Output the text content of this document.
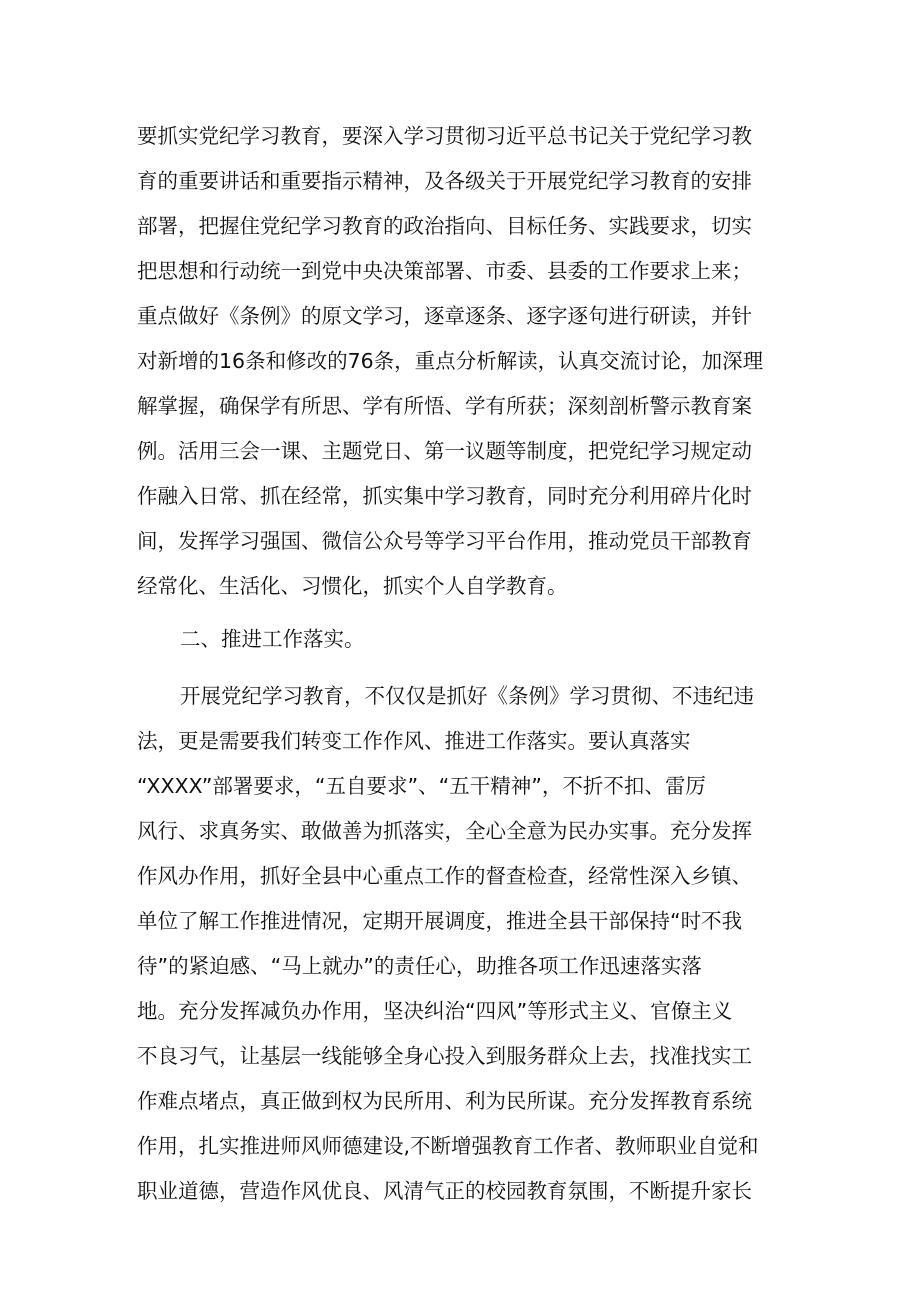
要抓实党纪学习教育，要深入学习贯彻习近平总书记关于党纪学习教
育的重要讲话和重要指示精神，及各级关于开展党纪学习教育的安排
部署，把握住党纪学习教育的政治指向、目标任务、实践要求，切实
把思想和行动统一到党中央决策部署、市委、县委的工作要求上来；
重点做好《条例》的原文学习，逐章逐条、逐字逐句进行研读，并针
对新增的16条和修改的76条，重点分析解读，认真交流讨论，加深理
解掌握，确保学有所思、学有所悟、学有所获；深刻剖析警示教育案
例。活用三会一课、主题党日、第一议题等制度，把党纪学习规定动
作融入日常、抓在经常，抓实集中学习教育，同时充分利用碎片化时
间，发挥学习强国、微信公众号等学习平台作用，推动党员干部教育
经常化、生活化、习惯化，抓实个人自学教育。
二、推进工作落实。
开展党纪学习教育，不仅仅是抓好《条例》学习贯彻、不违纪违
法，更是需要我们转变工作作风、推进工作落实。要认真落实
“XXXX”部署要求，“五自要求”、“五干精神”，不折不扣、雷厉
风行、求真务实、敢做善为抓落实，全心全意为民办实事。充分发挥
作风办作用，抓好全县中心重点工作的督查检查，经常性深入乡镇、
单位了解工作推进情况，定期开展调度，推进全县干部保持“时不我
待”的紧迫感、“马上就办”的责任心，助推各项工作迅速落实落
地。充分发挥减负办作用，坚决纠治“四风”等形式主义、官僚主义
不良习气，让基层一线能够全身心投入到服务群众上去，找准找实工
作难点堵点，真正做到权为民所用、利为民所谋。充分发挥教育系统
作用，扎实推进师风师德建设,不断增强教育工作者、教师职业自觉和
职业道德，营造作风优良、风清气正的校园教育氛围，不断提升家长
